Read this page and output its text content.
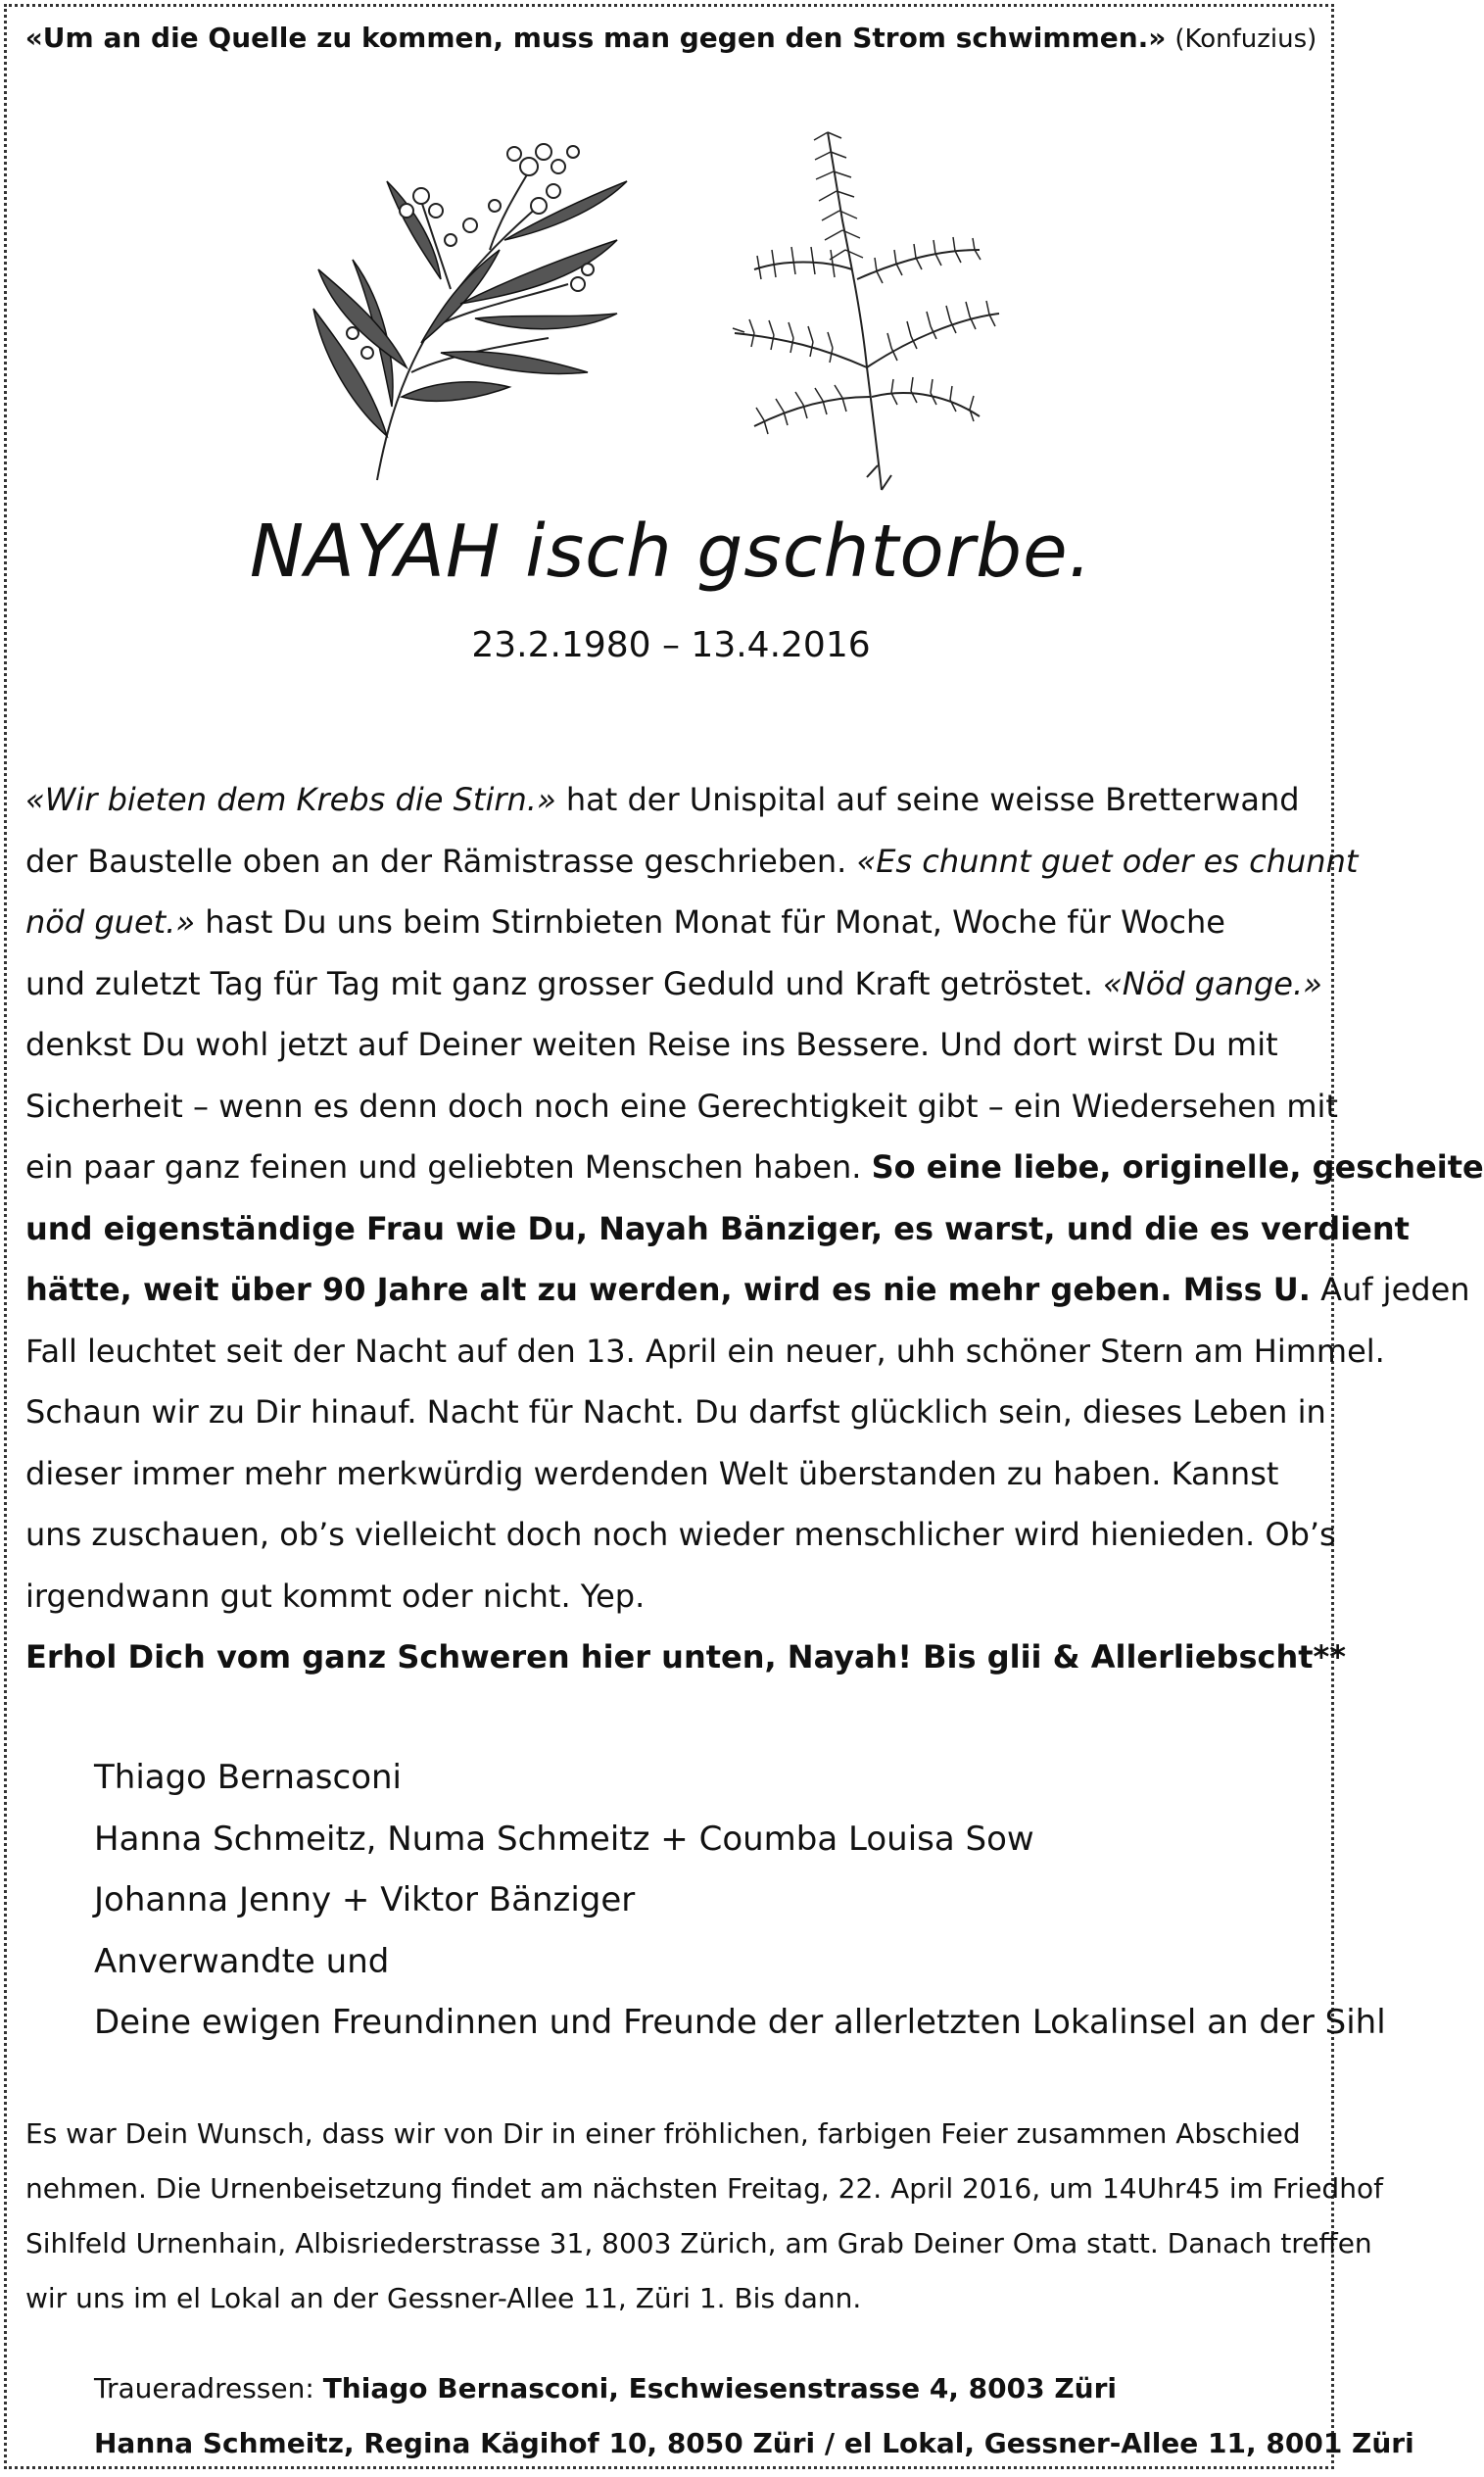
«Um an die Quelle zu kommen, muss man gegen den Strom schwimmen.» (Konfuzius)
NAYAH isch gschtorbe.
23.2.1980 – 13.4.2016
«Wir bieten dem Krebs die Stirn.» hat der Unispital auf seine weisse Bretterwand
der Baustelle oben an der Rämistrasse geschrieben. «Es chunnt guet oder es chunnt
nöd guet.» hast Du uns beim Stirnbieten Monat für Monat, Woche für Woche
und zuletzt Tag für Tag mit ganz grosser Geduld und Kraft getröstet. «Nöd gange.»
denkst Du wohl jetzt auf Deiner weiten Reise ins Bessere. Und dort wirst Du mit
Sicherheit – wenn es denn doch noch eine Gerechtigkeit gibt – ein Wiedersehen mit
ein paar ganz feinen und geliebten Menschen haben. So eine liebe, originelle, gescheite
und eigenständige Frau wie Du, Nayah Bänziger, es warst, und die es verdient
hätte, weit über 90 Jahre alt zu werden, wird es nie mehr geben. Miss U. Auf jeden
Fall leuchtet seit der Nacht auf den 13. April ein neuer, uhh schöner Stern am Himmel.
Schaun wir zu Dir hinauf. Nacht für Nacht. Du darfst glücklich sein, dieses Leben in
dieser immer mehr merkwürdig werdenden Welt überstanden zu haben. Kannst
uns zuschauen, ob’s vielleicht doch noch wieder menschlicher wird hienieden. Ob’s
irgendwann gut kommt oder nicht. Yep.
Erhol Dich vom ganz Schweren hier unten, Nayah! Bis glii & Allerliebscht**
Thiago Bernasconi
Hanna Schmeitz, Numa Schmeitz + Coumba Louisa Sow
Johanna Jenny + Viktor Bänziger
Anverwandte und
Deine ewigen Freundinnen und Freunde der allerletzten Lokalinsel an der Sihl
Es war Dein Wunsch, dass wir von Dir in einer fröhlichen, farbigen Feier zusammen Abschied
nehmen. Die Urnenbeisetzung findet am nächsten Freitag, 22. April 2016, um 14Uhr45 im Friedhof
Sihlfeld Urnenhain, Albisriederstrasse 31, 8003 Zürich, am Grab Deiner Oma statt. Danach treffen
wir uns im el Lokal an der Gessner-Allee 11, Züri 1. Bis dann.
Traueradressen: Thiago Bernasconi, Eschwiesenstrasse 4, 8003 Züri
Hanna Schmeitz, Regina Kägihof 10, 8050 Züri / el Lokal, Gessner-Allee 11, 8001 Züri
